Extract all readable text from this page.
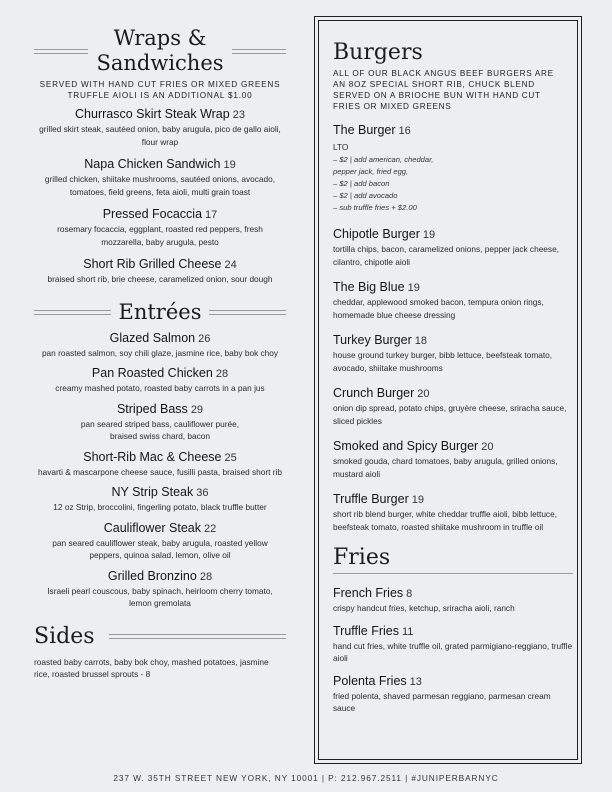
Wraps &
Sandwiches
SERVED WITH HAND CUT FRIES OR MIXED GREENS
TRUFFLE AIOLI IS AN ADDITIONAL $1.00
Churrasco Skirt Steak Wrap 23
grilled skirt steak, sautéed onion, baby arugula, pico de gallo aioli,
flour wrap
Napa Chicken Sandwich 19
grilled chicken, shiitake mushrooms, sautéed onions, avocado,
tomatoes, field greens, feta aioli, multi grain toast
Pressed Focaccia 17
rosemary focaccia, eggplant, roasted red peppers, fresh
mozzarella, baby arugula, pesto
Short Rib Grilled Cheese 24
braised short rib, brie cheese, caramelized onion, sour dough
Entrées
Glazed Salmon 26
pan roasted salmon, soy chili glaze, jasmine rice, baby bok choy
Pan Roasted Chicken 28
creamy mashed potato, roasted baby carrots in a pan jus
Striped Bass 29
pan seared striped bass, cauliflower purée,
braised swiss chard, bacon
Short-Rib Mac & Cheese 25
havarti & mascarpone cheese sauce, fusilli pasta, braised short rib
NY Strip Steak 36
12 oz Strip, broccolini, fingerling potato, black truffle butter
Cauliflower Steak 22
pan seared cauliflower steak, baby arugula, roasted yellow
peppers, quinoa salad, lemon, olive oil
Grilled Bronzino 28
Israeli pearl couscous, baby spinach, heirloom cherry tomato,
lemon gremolata
Sides
roasted baby carrots, baby bok choy, mashed potatoes, jasmine
rice, roasted brussel sprouts - 8
Burgers
ALL OF OUR BLACK ANGUS BEEF BURGERS ARE
AN 8OZ SPECIAL SHORT RIB, CHUCK BLEND
SERVED ON A BRIOCHE BUN WITH HAND CUT
FRIES OR MIXED GREENS
The Burger 16
LTO
– $2 | add american, cheddar,
pepper jack, fried egg,
– $2 | add bacon
– $2 | add avocado
– sub truffle fries + $2.00
Chipotle Burger 19
tortilla chips, bacon, caramelized onions, pepper jack cheese,
cilantro, chipotle aioli
The Big Blue 19
cheddar, applewood smoked bacon, tempura onion rings,
homemade blue cheese dressing
Turkey Burger 18
house ground turkey burger, bibb lettuce, beefsteak tomato,
avocado, shiitake mushrooms
Crunch Burger 20
onion dip spread, potato chips, gruyère cheese, sriracha sauce,
sliced pickles
Smoked and Spicy Burger 20
smoked gouda, chard tomatoes, baby arugula, grilled onions,
mustard aioli
Truffle Burger 19
short rib blend burger, white cheddar truffle aioli, bibb lettuce,
beefsteak tomato, roasted shiitake mushroom in truffle oil
Fries
French Fries 8
crispy handcut fries, ketchup, sriracha aioli, ranch
Truffle Fries 11
hand cut fries, white truffle oil, grated parmigiano-reggiano, truffle
aioli
Polenta Fries 13
fried polenta, shaved parmesan reggiano, parmesan cream sauce
237 W. 35TH STREET NEW YORK, NY 10001 | P: 212.967.2511 | #JUNIPERBARNYC
